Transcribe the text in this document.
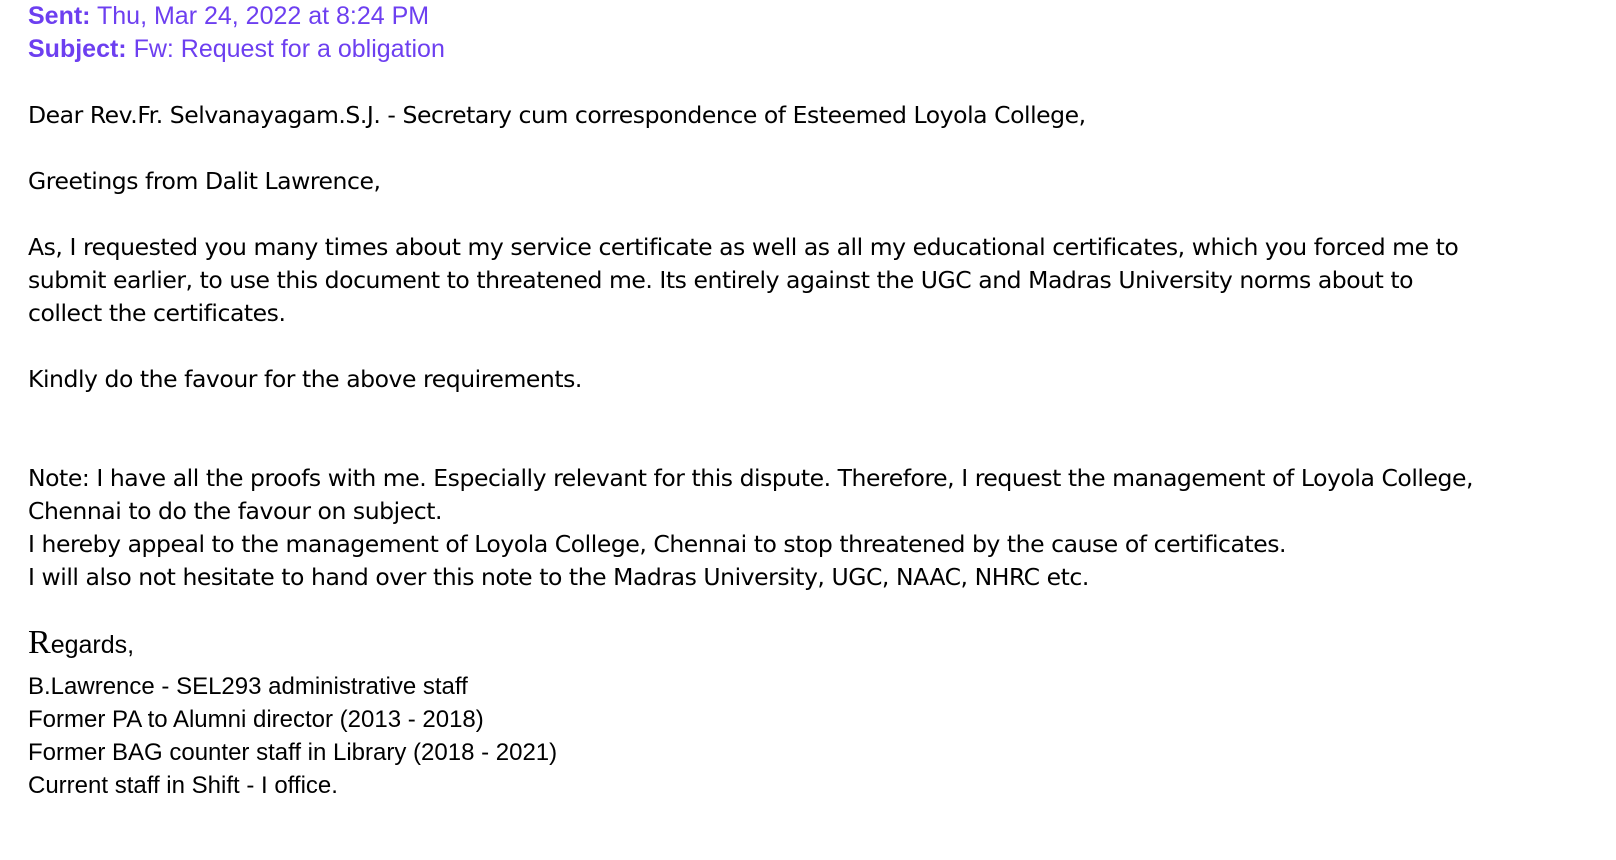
Sent: Thu, Mar 24, 2022 at 8:24 PM
Subject: Fw: Request for a obligation
Dear Rev.Fr. Selvanayagam.S.J. - Secretary cum correspondence of Esteemed Loyola College,
Greetings from Dalit Lawrence,
As, I requested you many times about my service certificate as well as all my educational certificates, which you forced me to
submit earlier, to use this document to threatened me. Its entirely against the UGC and Madras University norms about to
collect the certificates.
Kindly do the favour for the above requirements.
Note: I have all the proofs with me. Especially relevant for this dispute. Therefore, I request the management of Loyola College,
Chennai to do the favour on subject.
I hereby appeal to the management of Loyola College, Chennai to stop threatened by the cause of certificates.
I will also not hesitate to hand over this note to the Madras University, UGC, NAAC, NHRC etc.
Regards,
B.Lawrence - SEL293 administrative staff
Former PA to Alumni director (2013 - 2018)
Former BAG counter staff in Library (2018 - 2021)
Current staff in Shift - I office.
